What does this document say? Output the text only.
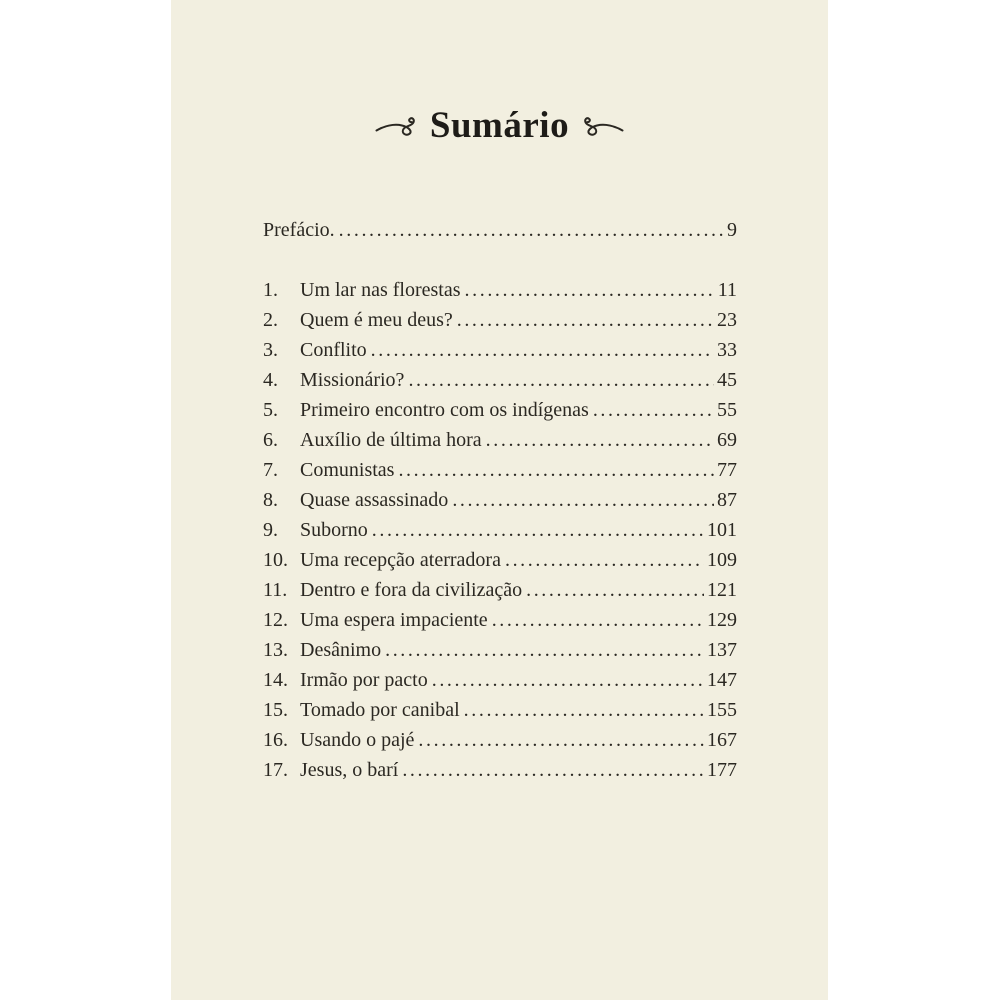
Sumário
Prefácio. .....	9
1.	Um lar nas florestas .....	11
2.	Quem é meu deus? .....	23
3.	Conflito .....	33
4.	Missionário? .....	45
5.	Primeiro encontro com os indígenas .....	55
6.	Auxílio de última hora .....	69
7.	Comunistas .....	77
8.	Quase assassinado .....	87
9.	Suborno .....	101
10. Uma recepção aterradora .....	109
11. Dentro e fora da civilização .....	121
12. Uma espera impaciente .....	129
13. Desânimo .....	137
14. Irmão por pacto .....	147
15. Tomado por canibal .....	155
16. Usando o pajé .....	167
17. Jesus, o barí .....	177
